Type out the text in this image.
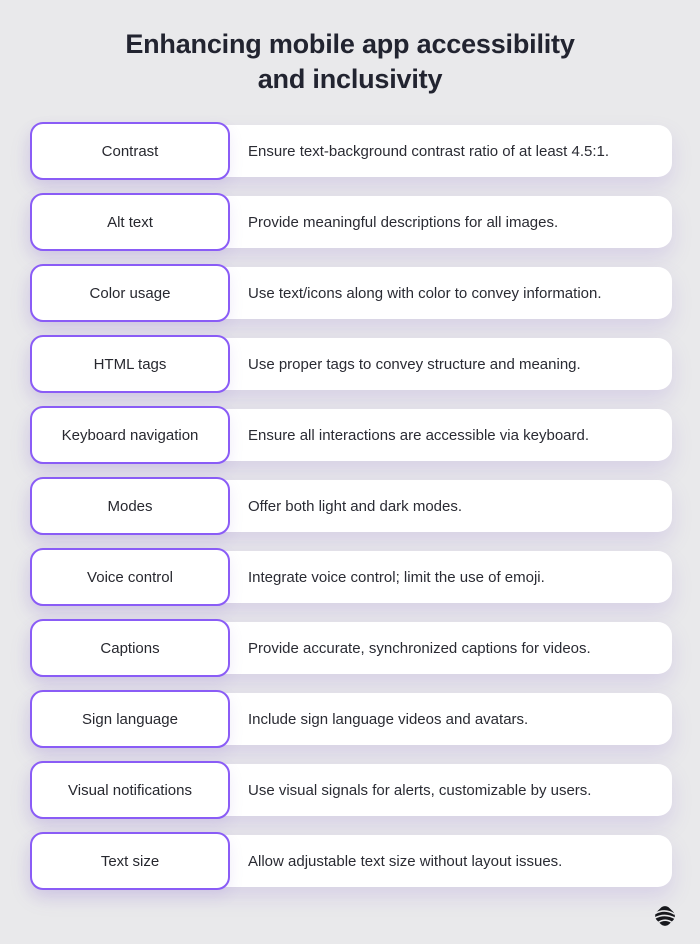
Enhancing mobile app accessibility
and inclusivity
Contrast	Ensure text-background contrast ratio of at least 4.5:1.
Alt text	Provide meaningful descriptions for all images.
Color usage	Use text/icons along with color to convey information.
HTML tags	Use proper tags to convey structure and meaning.
Keyboard navigation	Ensure all interactions are accessible via keyboard.
Modes	Offer both light and dark modes.
Voice control	Integrate voice control; limit the use of emoji.
Captions	Provide accurate, synchronized captions for videos.
Sign language	Include sign language videos and avatars.
Visual notifications	Use visual signals for alerts, customizable by users.
Text size	Allow adjustable text size without layout issues.
